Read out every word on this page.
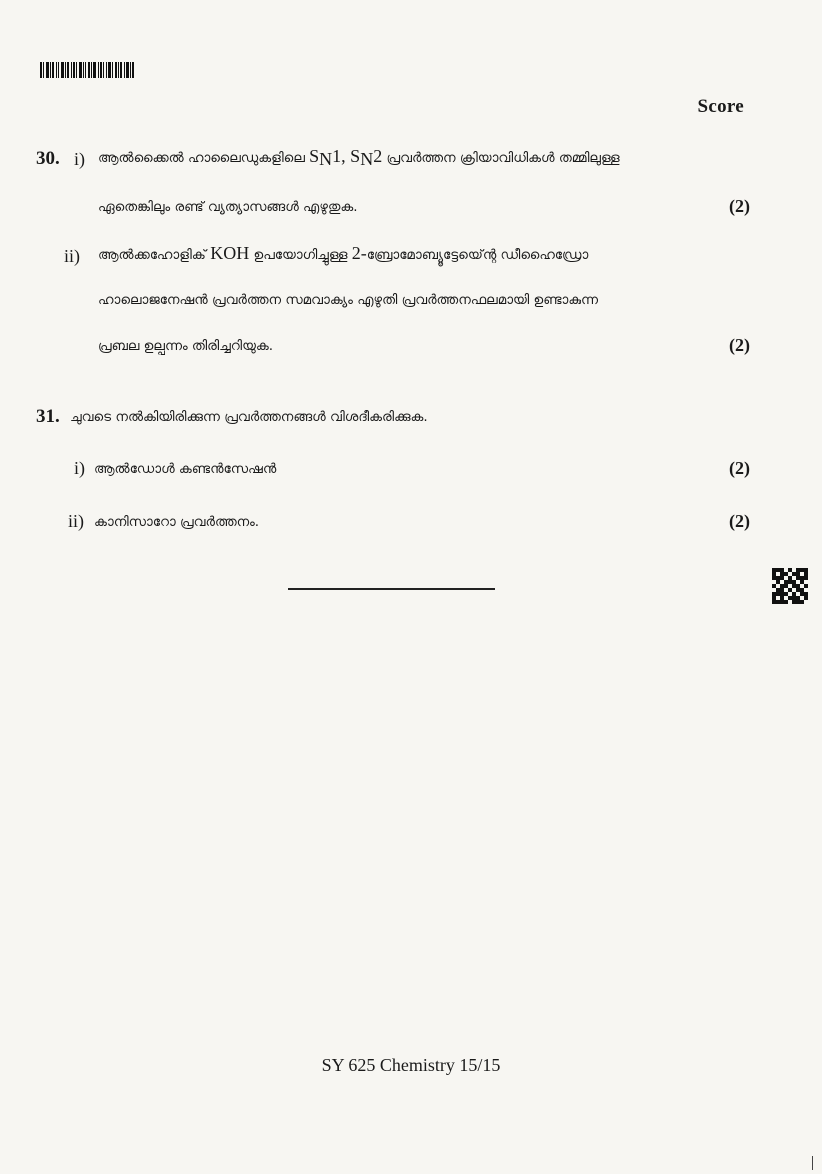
Score
30. i) ആൽക്കൈൽ ഹാലൈഡുകളിലെ $S_N1$, $S_N2$ പ്രവർത്തന ക്രിയാവിധികൾ തമ്മിലുള്ള
ഏതെങ്കിലും രണ്ട് വ്യത്യാസങ്ങൾ എഴുതുക.	(2)
ii) ആൽക്കഹോളിക് KOH ഉപയോഗിച്ചുള്ള 2-ബ്രോമോബ്യൂട്ടേയ്ന്റെ ഡീഹൈഡ്രോ
ഹാലൊജനേഷൻ പ്രവർത്തന സമവാക്യം എഴുതി പ്രവർത്തനഫലമായി ഉണ്ടാകുന്ന
പ്രബല ഉല്പന്നം തിരിച്ചറിയുക.	(2)
31. ചുവടെ നൽകിയിരിക്കുന്ന പ്രവർത്തനങ്ങൾ വിശദീകരിക്കുക.
i) ആൽഡോൾ കണ്ടൻസേഷൻ	(2)
ii) കാനിസാറോ പ്രവർത്തനം.	(2)
SY 625 Chemistry 15/15
